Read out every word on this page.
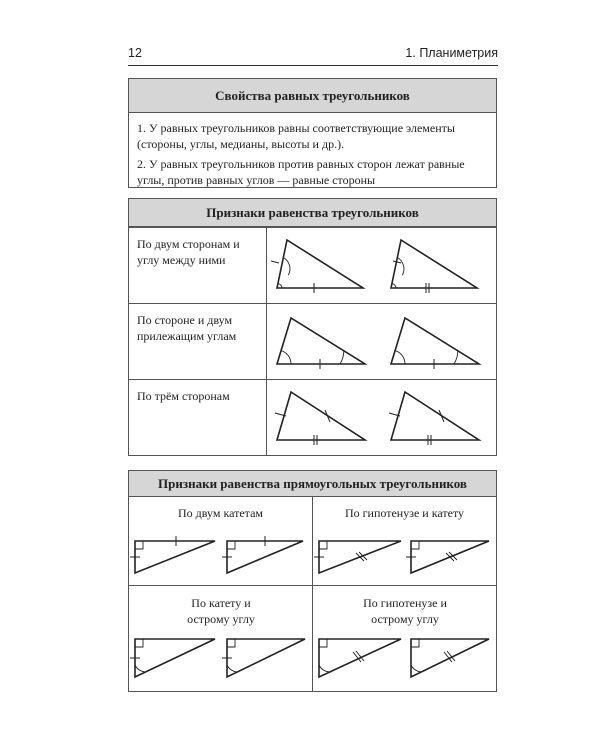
12	1. Планиметрия
Свойства равных треугольников
1. У равных треугольников равны соответствующие элементы (стороны, углы, медианы, высоты и др.).
2. У равных треугольников против равных сторон лежат равные углы, против равных углов — равные стороны
Признаки равенства треугольников
По двум сторонам и углу между ними
По стороне и двум прилежащим углам
По трём сторонам
Признаки равенства прямоугольных треугольников
По двум катетам	По гипотенузе и катету
По катету и острому углу
По гипотенузе и острому углу
